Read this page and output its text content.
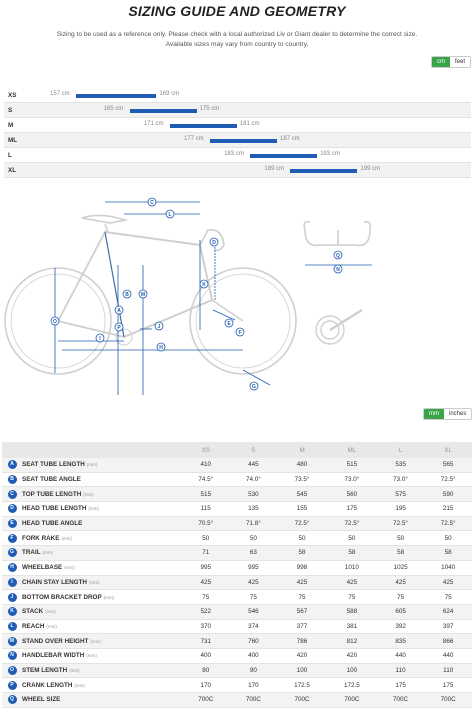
SIZING GUIDE AND GEOMETRY
Sizing to be used as a reference only. Please check with a local authorized Liv or Giant dealer to determine the correct size.
Available sizes may vary from country to country.
cm	feet
XS	157 cm	169 cm
S	165 cm	175 cm
M	171 cm	181 cm
ML	177 cm	187 cm
L	183 cm	193 cm
XL	189 cm	199 cm
C
L
D
M
B
A
P
K
O
I
J	E
F
H
G
N
Q
mm	inches
		XS	S	M	ML	L	XL
A	SEAT TUBE LENGTH (mm)	410	445	480	515	535	565
B	SEAT TUBE ANGLE	74.5°	74.0°	73.5°	73.0°	73.0°	72.5°
C	TOP TUBE LENGTH (mm)	515	530	545	560	575	590
D	HEAD TUBE LENGTH (mm)	115	135	155	175	195	215
E	HEAD TUBE ANGLE	70.5°	71.8°	72.5°	72.5°	72.5°	72.5°
F	FORK RAKE (mm)	50	50	50	50	50	50
G	TRAIL (mm)	71	63	58	58	58	58
H	WHEELBASE (mm)	995	995	998	1010	1025	1040
I	CHAIN STAY LENGTH (mm)	425	425	425	425	425	425
J	BOTTOM BRACKET DROP (mm)	75	75	75	75	75	75
K	STACK (mm)	522	546	567	588	605	624
L	REACH (mm)	370	374	377	381	392	397
M	STAND OVER HEIGHT (mm)	731	760	786	812	835	866
N	HANDLEBAR WIDTH (mm)	400	400	420	420	440	440
O	STEM LENGTH (mm)	80	90	100	100	110	110
P	CRANK LENGTH (mm)	170	170	172.5	172.5	175	175
Q	WHEEL SIZE	700C	700C	700C	700C	700C	700C
